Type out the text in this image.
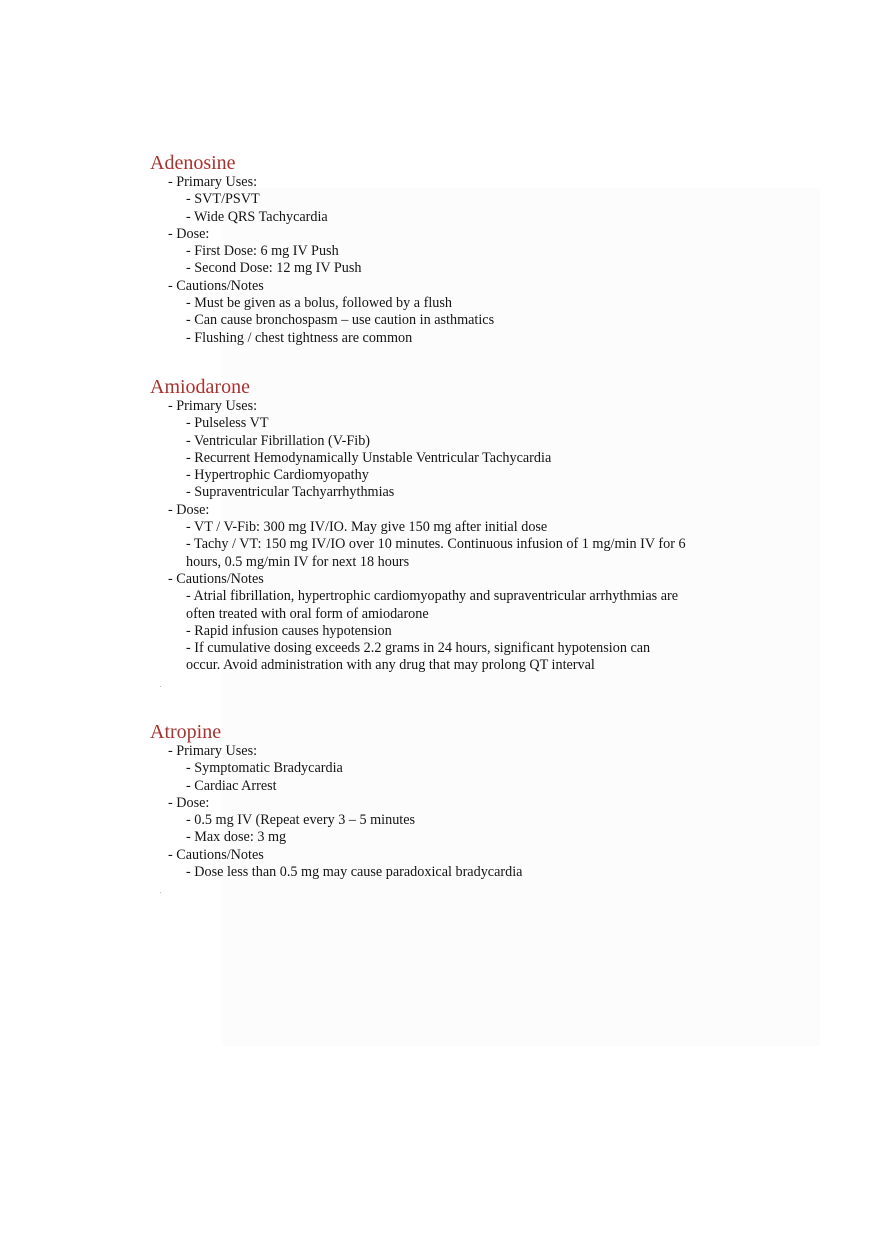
Adenosine
- Primary Uses:
- SVT/PSVT
- Wide QRS Tachycardia
- Dose:
- First Dose: 6 mg IV Push
- Second Dose: 12 mg IV Push
- Cautions/Notes
- Must be given as a bolus, followed by a flush
- Can cause bronchospasm – use caution in asthmatics
- Flushing / chest tightness are common
Amiodarone
- Primary Uses:
- Pulseless VT
- Ventricular Fibrillation (V-Fib)
- Recurrent Hemodynamically Unstable Ventricular Tachycardia
- Hypertrophic Cardiomyopathy
- Supraventricular Tachyarrhythmias
- Dose:
- VT / V-Fib: 300 mg IV/IO. May give 150 mg after initial dose
- Tachy / VT: 150 mg IV/IO over 10 minutes. Continuous infusion of 1 mg/min IV for 6 hours, 0.5 mg/min IV for next 18 hours
- Cautions/Notes
- Atrial fibrillation, hypertrophic cardiomyopathy and supraventricular arrhythmias are often treated with oral form of amiodarone
- Rapid infusion causes hypotension
- If cumulative dosing exceeds 2.2 grams in 24 hours, significant hypotension can occur. Avoid administration with any drug that may prolong QT interval
Atropine
- Primary Uses:
- Symptomatic Bradycardia
- Cardiac Arrest
- Dose:
- 0.5 mg IV (Repeat every 3 – 5 minutes
- Max dose: 3 mg
- Cautions/Notes
- Dose less than 0.5 mg may cause paradoxical bradycardia
